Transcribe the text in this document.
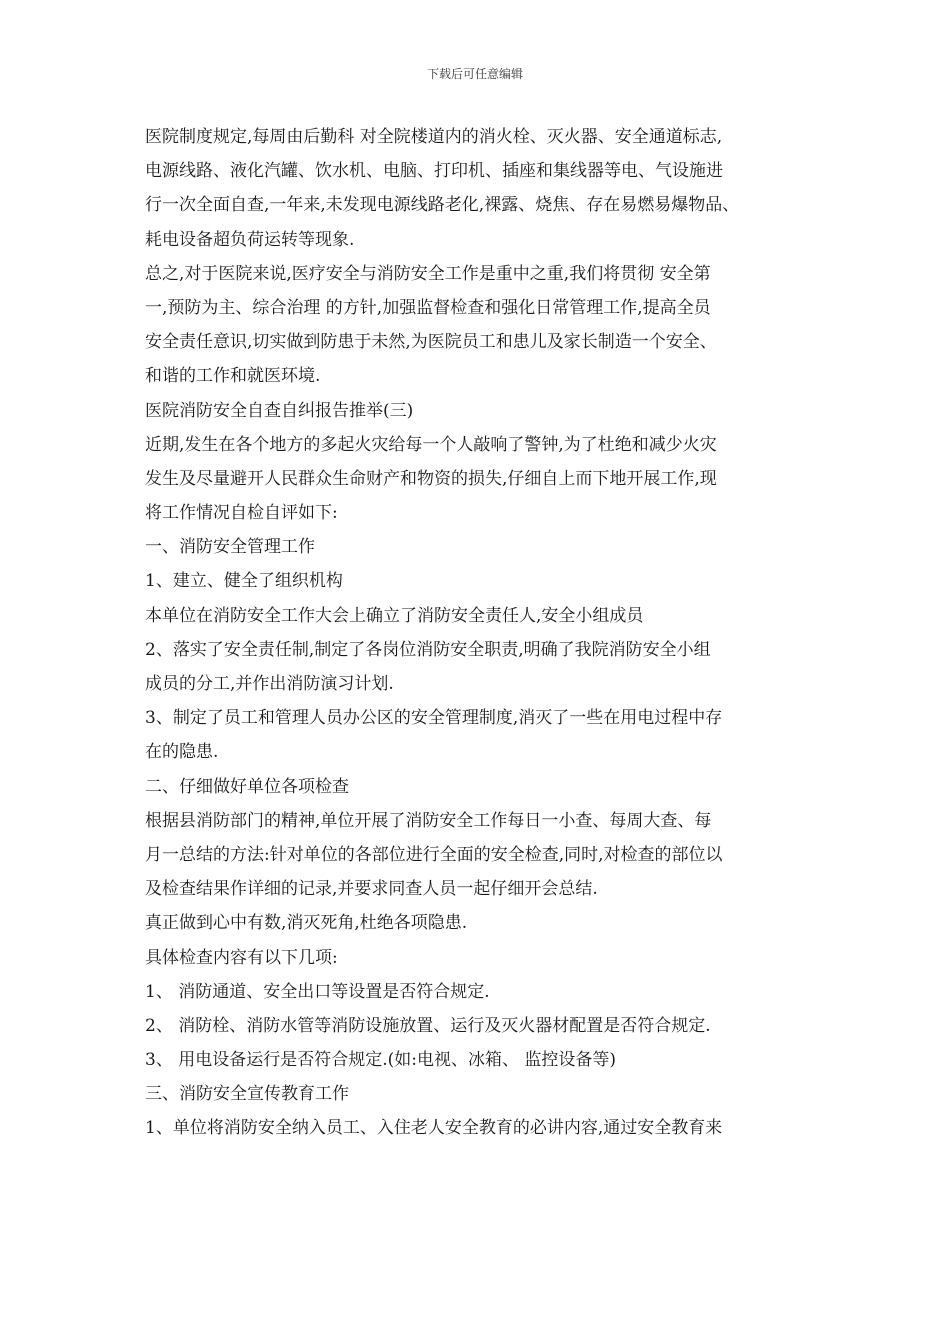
下载后可任意编辑
医院制度规定,每周由后勤科 对全院楼道内的消火栓、灭火器、安全通道标志,
电源线路、液化汽罐、饮水机、电脑、打印机、插座和集线器等电、气设施进
行一次全面自查,一年来,未发现电源线路老化,裸露、烧焦、存在易燃易爆物品、
耗电设备超负荷运转等现象.
总之,对于医院来说,医疗安全与消防安全工作是重中之重,我们将贯彻 安全第
一,预防为主、综合治理 的方针,加强监督检查和强化日常管理工作,提高全员
安全责任意识,切实做到防患于未然,为医院员工和患儿及家长制造一个安全、
和谐的工作和就医环境.
医院消防安全自查自纠报告推举(三)
近期,发生在各个地方的多起火灾给每一个人敲响了警钟,为了杜绝和减少火灾
发生及尽量避开人民群众生命财产和物资的损失,仔细自上而下地开展工作,现
将工作情况自检自评如下:
一、消防安全管理工作
1、建立、健全了组织机构
本单位在消防安全工作大会上确立了消防安全责任人,安全小组成员
2、落实了安全责任制,制定了各岗位消防安全职责,明确了我院消防安全小组
成员的分工,并作出消防演习计划.
3、制定了员工和管理人员办公区的安全管理制度,消灭了一些在用电过程中存
在的隐患.
二、仔细做好单位各项检查
根据县消防部门的精神,单位开展了消防安全工作每日一小查、每周大查、每
月一总结的方法:针对单位的各部位进行全面的安全检查,同时,对检查的部位以
及检查结果作详细的记录,并要求同查人员一起仔细开会总结.
真正做到心中有数,消灭死角,杜绝各项隐患.
具体检查内容有以下几项:
1、 消防通道、安全出口等设置是否符合规定.
2、 消防栓、消防水管等消防设施放置、运行及灭火器材配置是否符合规定.
3、 用电设备运行是否符合规定.(如:电视、冰箱、 监控设备等)
三、消防安全宣传教育工作
1、单位将消防安全纳入员工、入住老人安全教育的必讲内容,通过安全教育来
